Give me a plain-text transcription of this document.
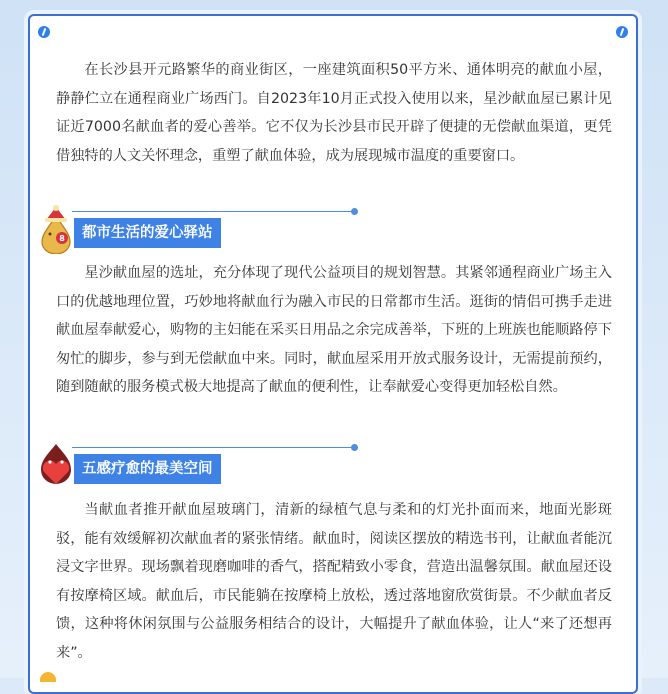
在长沙县开元路繁华的商业街区，一座建筑面积50平方米、通体明亮的献血小屋，静静伫立在通程商业广场西门。自2023年10月正式投入使用以来，星沙献血屋已累计见证近7000名献血者的爱心善举。它不仅为长沙县市民开辟了便捷的无偿献血渠道，更凭借独特的人文关怀理念，重塑了献血体验，成为展现城市温度的重要窗口。

8	都市生活的爱心驿站

星沙献血屋的选址，充分体现了现代公益项目的规划智慧。其紧邻通程商业广场主入口的优越地理位置，巧妙地将献血行为融入市民的日常都市生活。逛街的情侣可携手走进献血屋奉献爱心，购物的主妇能在采买日用品之余完成善举，下班的上班族也能顺路停下匆忙的脚步，参与到无偿献血中来。同时，献血屋采用开放式服务设计，无需提前预约，随到随献的服务模式极大地提高了献血的便利性，让奉献爱心变得更加轻松自然。

五感疗愈的最美空间

当献血者推开献血屋玻璃门，清新的绿植气息与柔和的灯光扑面而来，地面光影斑驳，能有效缓解初次献血者的紧张情绪。献血时，阅读区摆放的精选书刊，让献血者能沉浸文字世界。现场飘着现磨咖啡的香气，搭配精致小零食，营造出温馨氛围。献血屋还设有按摩椅区域。献血后，市民能躺在按摩椅上放松，透过落地窗欣赏街景。不少献血者反馈，这种将休闲氛围与公益服务相结合的设计，大幅提升了献血体验，让人“来了还想再来”。
